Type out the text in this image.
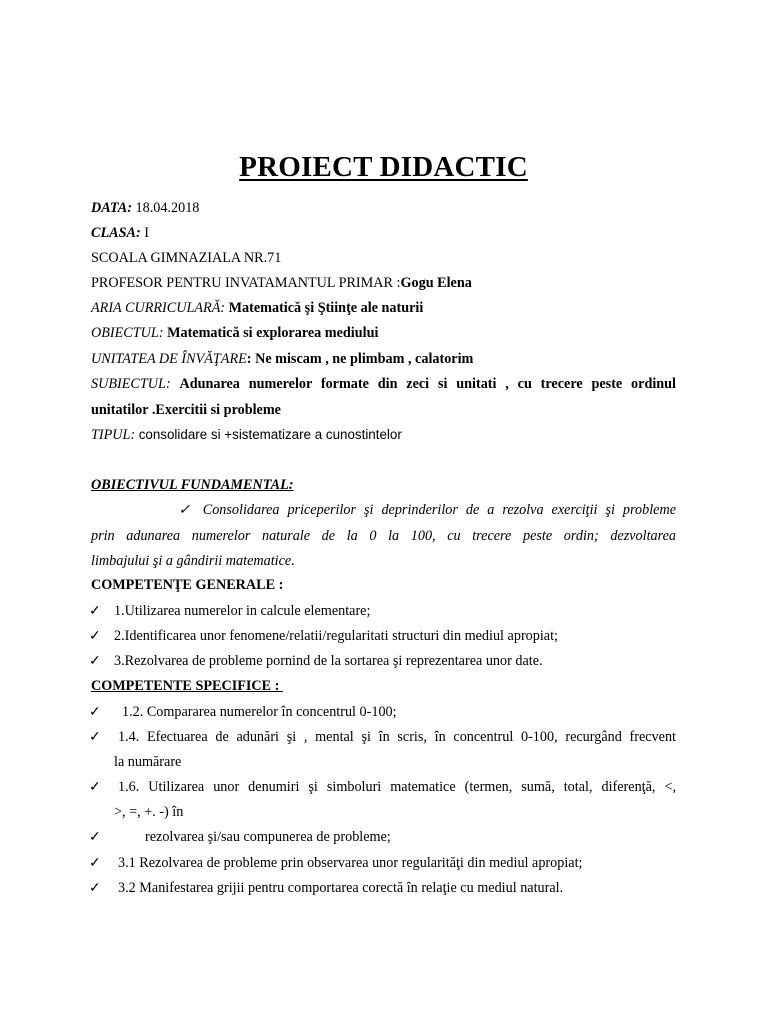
PROIECT DIDACTIC
DATA: 18.04.2018
CLASA: I
SCOALA GIMNAZIALA NR.71
PROFESOR PENTRU INVATAMANTUL PRIMAR :Gogu Elena
ARIA CURRICULARĂ: Matematică şi Ştiinţe ale naturii
OBIECTUL: Matematică si explorarea mediului
UNITATEA DE ÎNVĂŢARE: Ne miscam , ne plimbam , calatorim
SUBIECTUL: Adunarea numerelor formate din zeci si unitati , cu trecere peste ordinul
unitatilor .Exercitii si probleme
TIPUL: consolidare si +sistematizare a cunostintelor
OBIECTIVUL FUNDAMENTAL:
✓ Consolidarea priceperilor şi deprinderilor de a rezolva exerciţii şi probleme
prin adunarea numerelor naturale de la 0 la 100, cu trecere peste ordin; dezvoltarea
limbajului şi a gândirii matematice.
COMPETENŢE GENERALE :
✓ 1.Utilizarea numerelor in calcule elementare;
✓ 2.Identificarea unor fenomene/relatii/regularitati structuri din mediul apropiat;
✓ 3.Rezolvarea de probleme pornind de la sortarea şi reprezentarea unor date.
COMPETENTE SPECIFICE :
✓ 1.2. Compararea numerelor în concentrul 0-100;
✓ 1.4. Efectuarea de adunări şi , mental şi în scris, în concentrul 0-100, recurgând frecvent
la numărare
✓ 1.6. Utilizarea unor denumiri şi simboluri matematice (termen, sumă, total, diferenţă, <,
>, =, +. -) în
✓	rezolvarea şi/sau compunerea de probleme;
✓ 3.1 Rezolvarea de probleme prin observarea unor regularităţi din mediul apropiat;
✓ 3.2 Manifestarea grijii pentru comportarea corectă în relaţie cu mediul natural.
